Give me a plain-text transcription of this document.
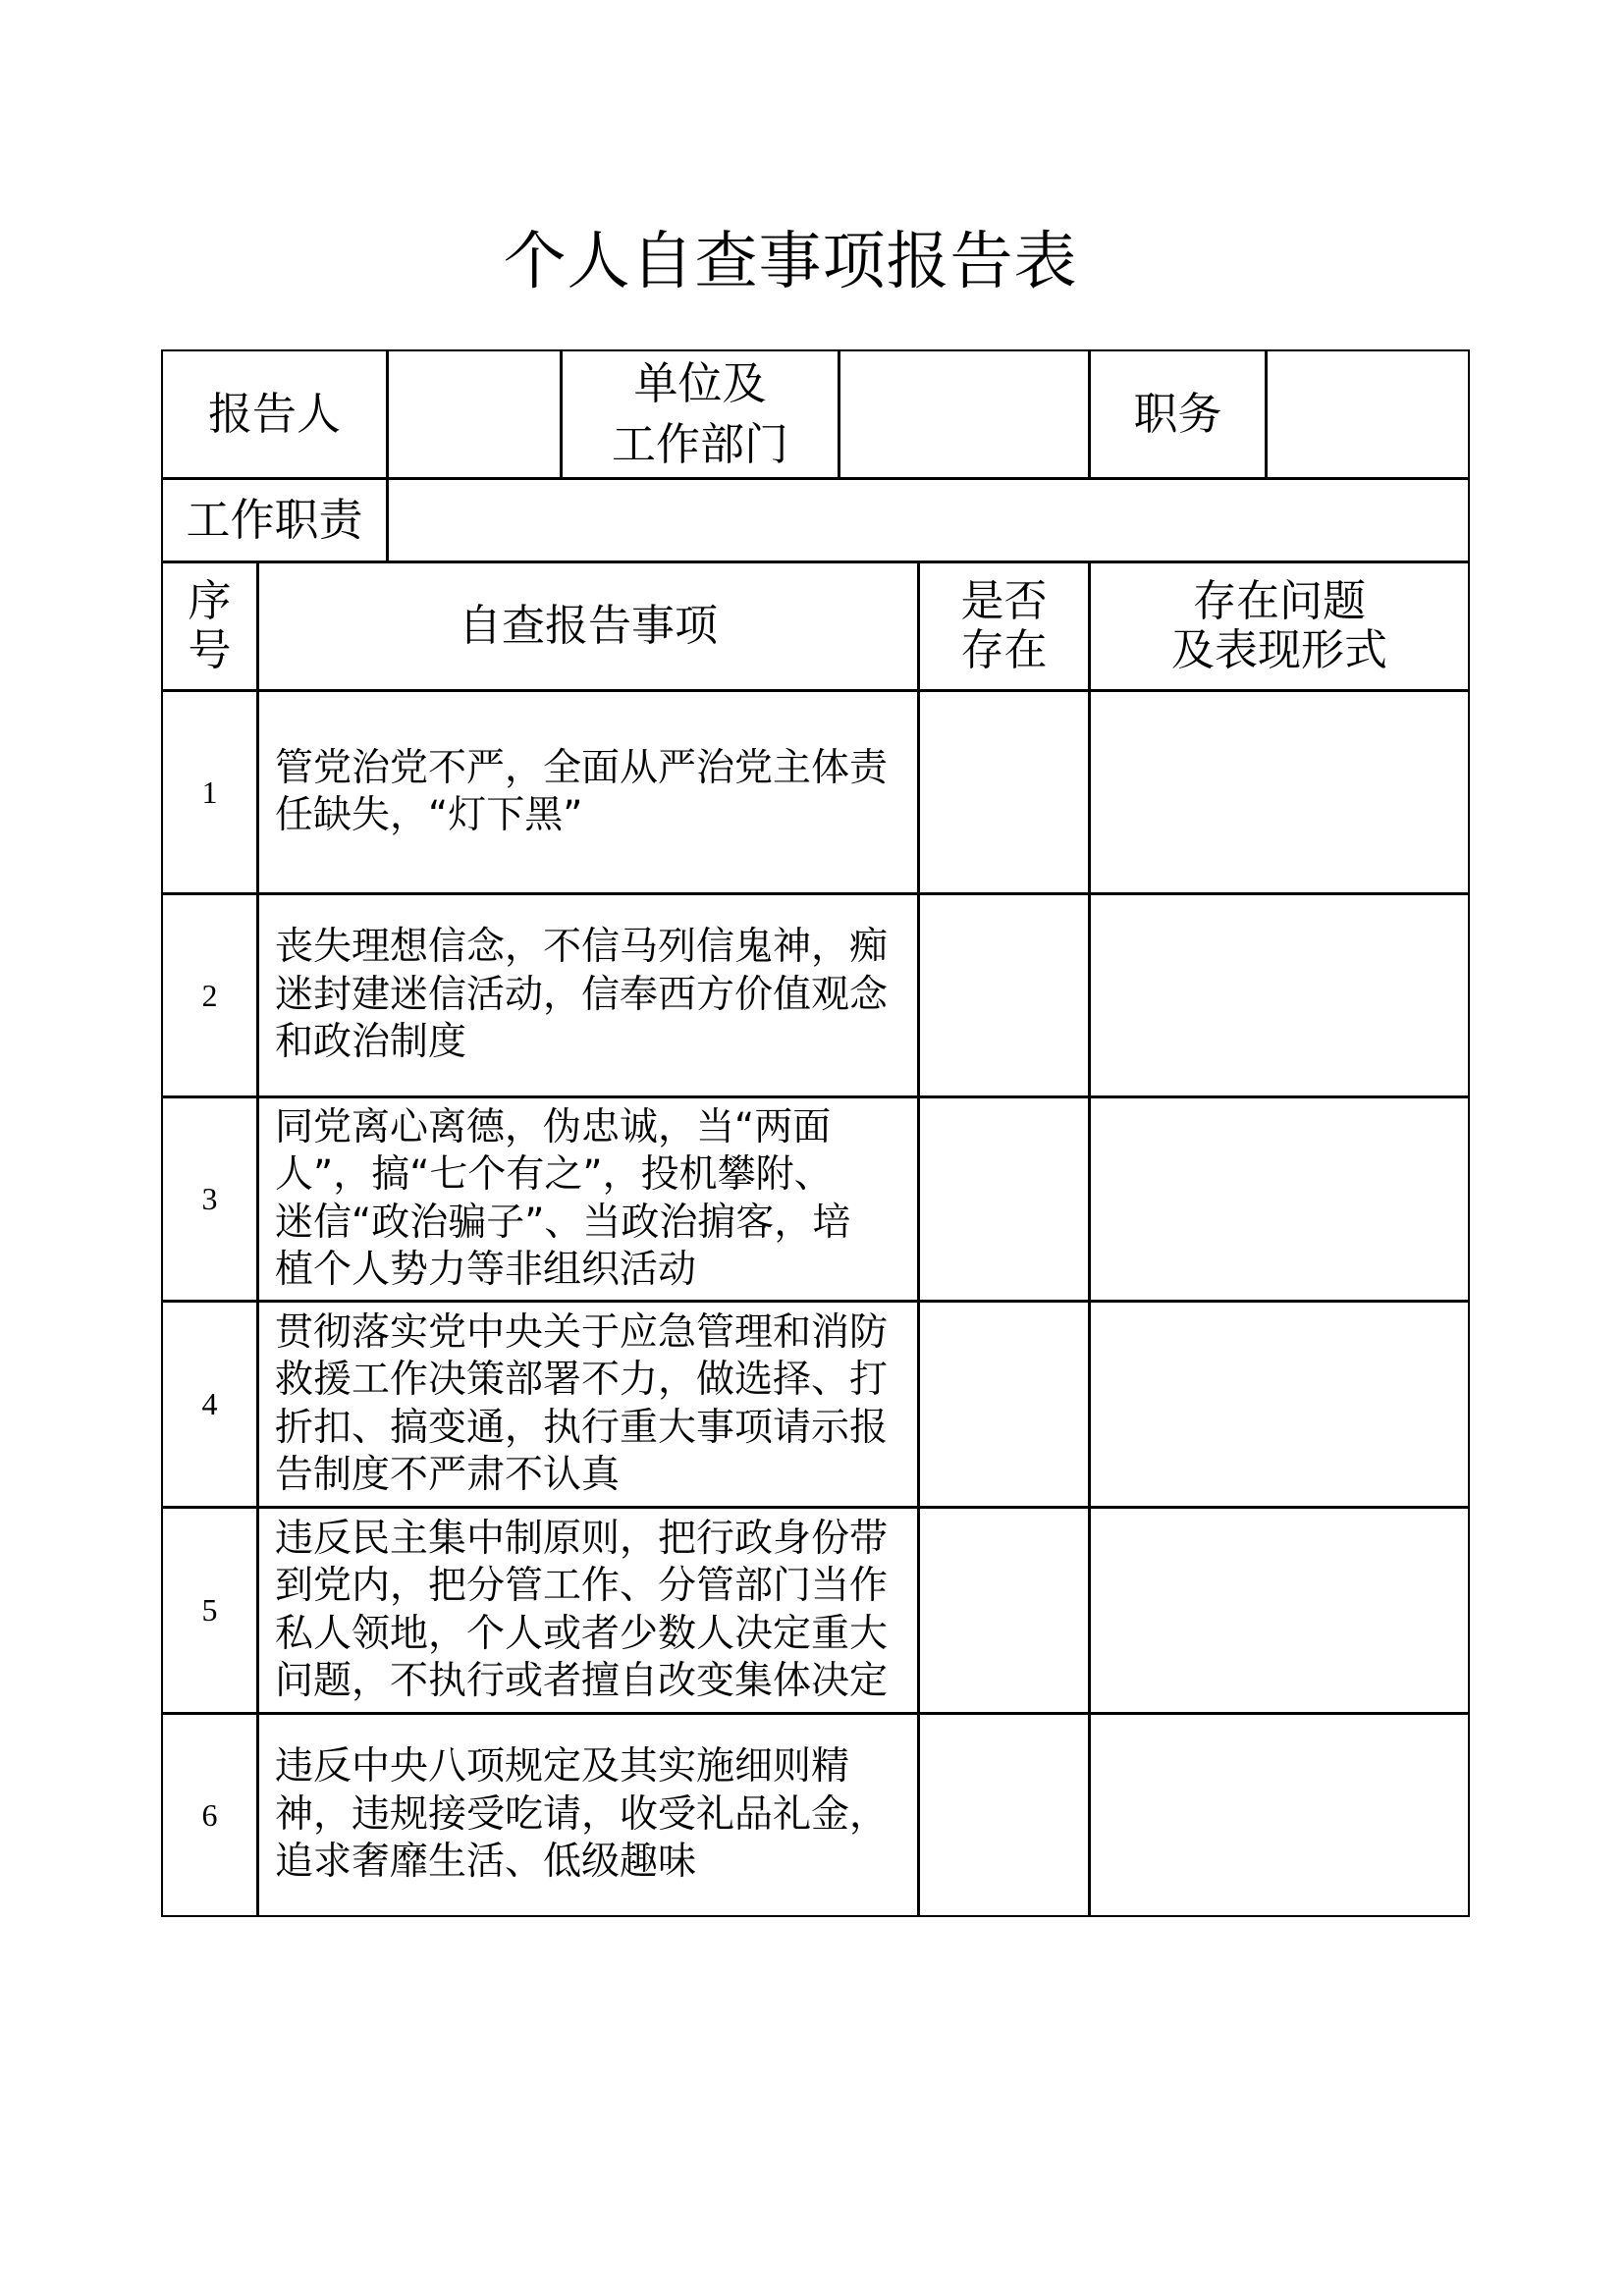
个人自查事项报告表
报告人
单位及
工作部门
职务
工作职责
序
号	自查报告事项	是否
存在
存在问题
及表现形式
1
管党治党不严，全面从严治党主体责
任缺失，“灯下黑”
2
丧失理想信念，不信马列信鬼神，痴
迷封建迷信活动，信奉西方价值观念
和政治制度
3
同党离心离德，伪忠诚，当“两面
人”，搞“七个有之”，投机攀附、
迷信“政治骗子”、当政治掮客，培
植个人势力等非组织活动
4
贯彻落实党中央关于应急管理和消防
救援工作决策部署不力，做选择、打
折扣、搞变通，执行重大事项请示报
告制度不严肃不认真
5
违反民主集中制原则，把行政身份带
到党内，把分管工作、分管部门当作
私人领地，个人或者少数人决定重大
问题，不执行或者擅自改变集体决定
6
违反中央八项规定及其实施细则精
神，违规接受吃请，收受礼品礼金，
追求奢靡生活、低级趣味
